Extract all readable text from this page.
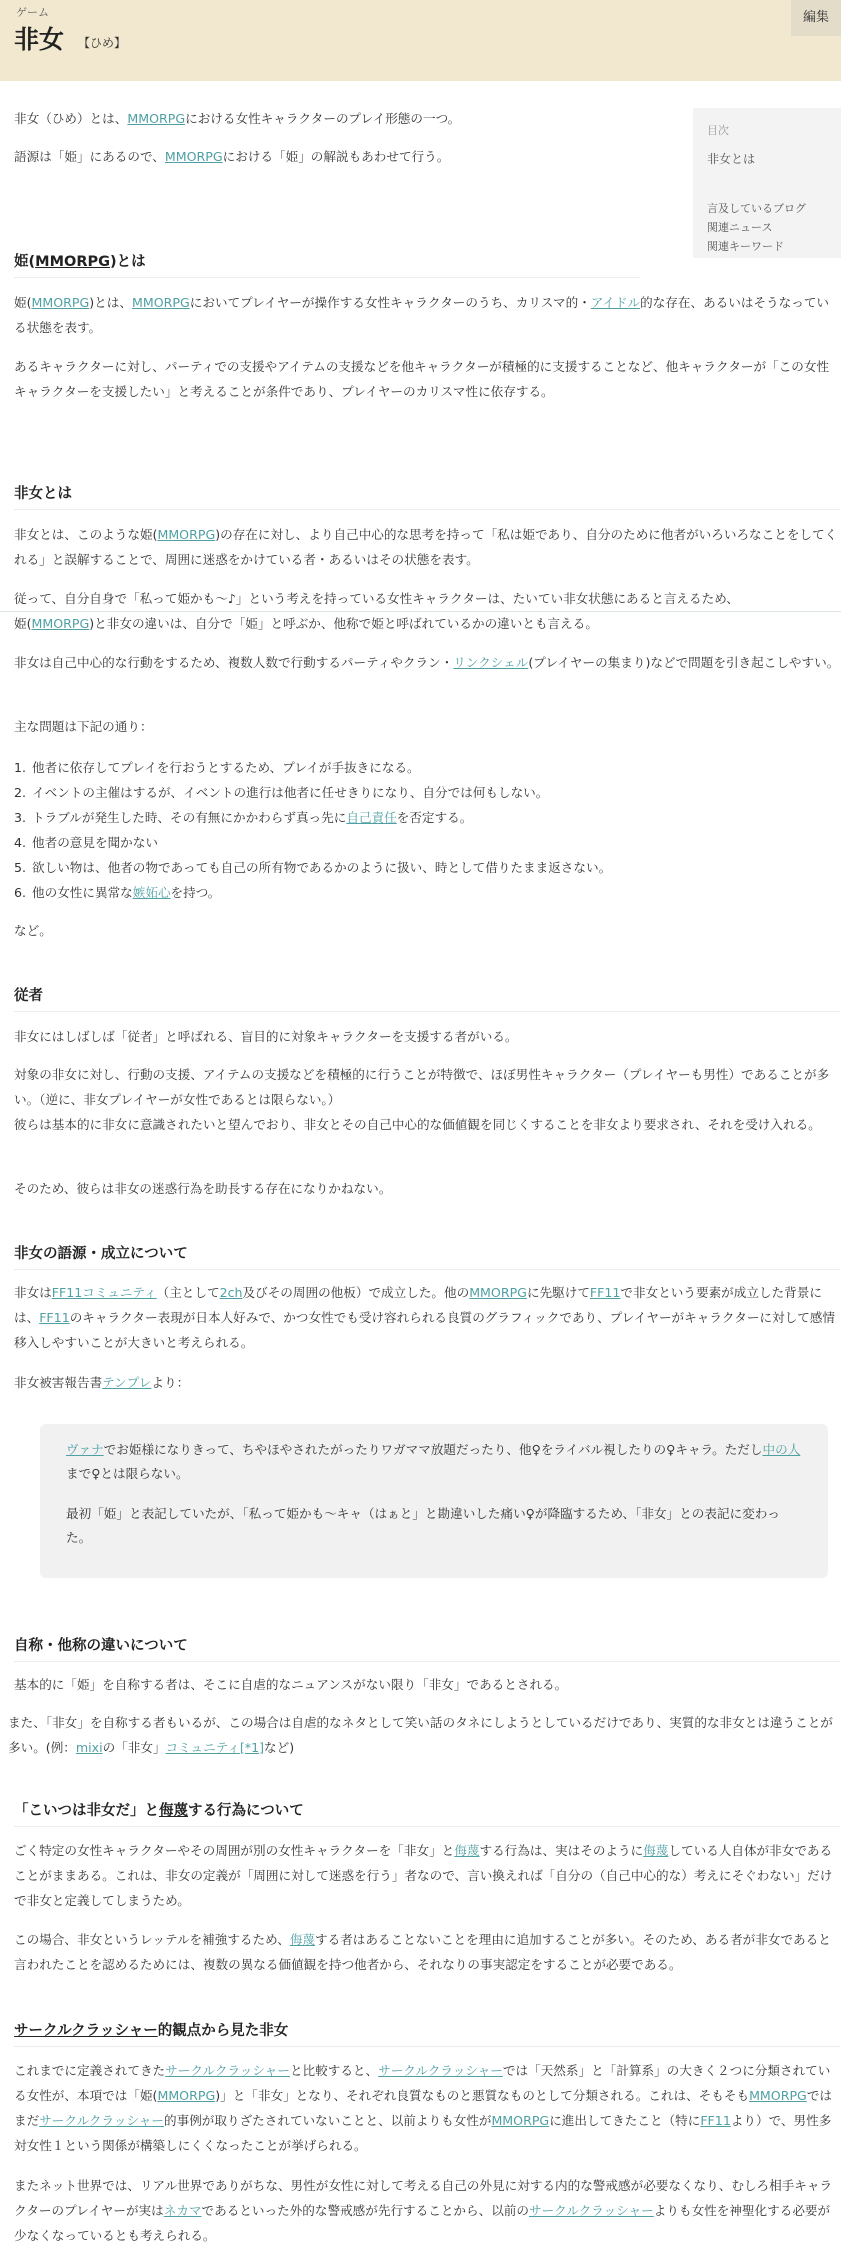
ゲーム
非女 【ひめ】
編集
目次
非女とは
言及しているブログ
関連ニュース
関連キーワード
非女（ひめ）とは、MMORPGにおける女性キャラクターのプレイ形態の一つ。
語源は「姫」にあるので、MMORPGにおける「姫」の解説もあわせて行う。
姫(MMORPG)とは
姫(MMORPG)とは、MMORPGにおいてプレイヤーが操作する女性キャラクターのうち、カリスマ的・アイドル的な存在、あるいはそうなっている状態を表す。
あるキャラクターに対し、パーティでの支援やアイテムの支援などを他キャラクターが積極的に支援することなど、他キャラクターが「この女性キャラクターを支援したい」と考えることが条件であり、プレイヤーのカリスマ性に依存する。
非女とは
非女とは、このような姫(MMORPG)の存在に対し、より自己中心的な思考を持って「私は姫であり、自分のために他者がいろいろなことをしてくれる」と誤解することで、周囲に迷惑をかけている者・あるいはその状態を表す。
従って、自分自身で「私って姫かも〜♪」という考えを持っている女性キャラクターは、たいてい非女状態にあると言えるため、
姫(MMORPG)と非女の違いは、自分で「姫」と呼ぶか、他称で姫と呼ばれているかの違いとも言える。
非女は自己中心的な行動をするため、複数人数で行動するパーティやクラン・リンクシェル(プレイヤーの集まり)などで問題を引き起こしやすい。
主な問題は下記の通り：
1. 他者に依存してプレイを行おうとするため、プレイが手抜きになる。
2. イベントの主催はするが、イベントの進行は他者に任せきりになり、自分では何もしない。
3. トラブルが発生した時、その有無にかかわらず真っ先に自己責任を否定する。
4. 他者の意見を聞かない
5. 欲しい物は、他者の物であっても自己の所有物であるかのように扱い、時として借りたまま返さない。
6. 他の女性に異常な嫉妬心を持つ。
など。
従者
非女にはしばしば「従者」と呼ばれる、盲目的に対象キャラクターを支援する者がいる。
対象の非女に対し、行動の支援、アイテムの支援などを積極的に行うことが特徴で、ほぼ男性キャラクター（プレイヤーも男性）であることが多い。（逆に、非女プレイヤーが女性であるとは限らない。）
彼らは基本的に非女に意識されたいと望んでおり、非女とその自己中心的な価値観を同じくすることを非女より要求され、それを受け入れる。
そのため、彼らは非女の迷惑行為を助長する存在になりかねない。
非女の語源・成立について
非女はFF11コミュニティ（主として2ch及びその周囲の他板）で成立した。他のMMORPGに先駆けてFF11で非女という要素が成立した背景には、FF11のキャラクター表現が日本人好みで、かつ女性でも受け容れられる良質のグラフィックであり、プレイヤーがキャラクターに対して感情移入しやすいことが大きいと考えられる。
非女被害報告書テンプレより：
ヴァナでお姫様になりきって、ちやほやされたがったりワガママ放題だったり、他♀をライバル視したりの♀キャラ。ただし中の人まで♀とは限らない。
最初「姫」と表記していたが、「私って姫かも〜キャ（はぁと」と勘違いした痛い♀が降臨するため、「非女」との表記に変わった。
自称・他称の違いについて
基本的に「姫」を自称する者は、そこに自虐的なニュアンスがない限り「非女」であるとされる。
また、「非女」を自称する者もいるが、この場合は自虐的なネタとして笑い話のタネにしようとしているだけであり、実質的な非女とは違うことが多い。(例：mixiの「非女」コミュニティ[*1]など)
「こいつは非女だ」と侮蔑する行為について
ごく特定の女性キャラクターやその周囲が別の女性キャラクターを「非女」と侮蔑する行為は、実はそのように侮蔑している人自体が非女であることがままある。これは、非女の定義が「周囲に対して迷惑を行う」者なので、言い換えれば「自分の（自己中心的な）考えにそぐわない」だけで非女と定義してしまうため。
この場合、非女というレッテルを補強するため、侮蔑する者はあることないことを理由に追加することが多い。そのため、ある者が非女であると言われたことを認めるためには、複数の異なる価値観を持つ他者から、それなりの事実認定をすることが必要である。
サークルクラッシャー的観点から見た非女
これまでに定義されてきたサークルクラッシャーと比較すると、サークルクラッシャーでは「天然系」と「計算系」の大きく２つに分類されている女性が、本項では「姫(MMORPG)」と「非女」となり、それぞれ良質なものと悪質なものとして分類される。これは、そもそもMMORPGではまだサークルクラッシャー的事例が取りざたされていないことと、以前よりも女性がMMORPGに進出してきたこと（特にFF11より）で、男性多対女性１という関係が構築しにくくなったことが挙げられる。
またネット世界では、リアル世界でありがちな、男性が女性に対して考える自己の外見に対する内的な警戒感が必要なくなり、むしろ相手キャラクターのプレイヤーが実はネカマであるといった外的な警戒感が先行することから、以前のサークルクラッシャーよりも女性を神聖化する必要が少なくなっているとも考えられる。
